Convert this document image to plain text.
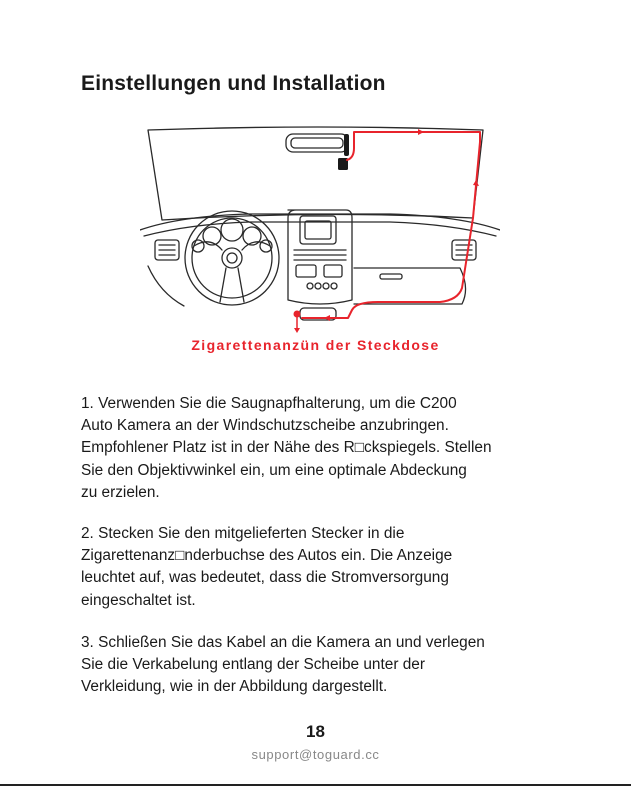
Einstellungen und Installation
Zigarettenanzün der Steckdose

1. Verwenden Sie die Saugnapfhalterung, um die C200
Auto Kamera an der Windschutzscheibe anzubringen.
Empfohlener Platz ist in der Nähe des R□ckspiegels. Stellen
Sie den Objektivwinkel ein, um eine optimale Abdeckung
zu erzielen.

2. Stecken Sie den mitgelieferten Stecker in die
Zigarettenanz□nderbuchse des Autos ein. Die Anzeige
leuchtet auf, was bedeutet, dass die Stromversorgung
eingeschaltet ist.

3. Schließen Sie das Kabel an die Kamera an und verlegen
Sie die Verkabelung entlang der Scheibe unter der
Verkleidung, wie in der Abbildung dargestellt.

18
support@toguard.cc
